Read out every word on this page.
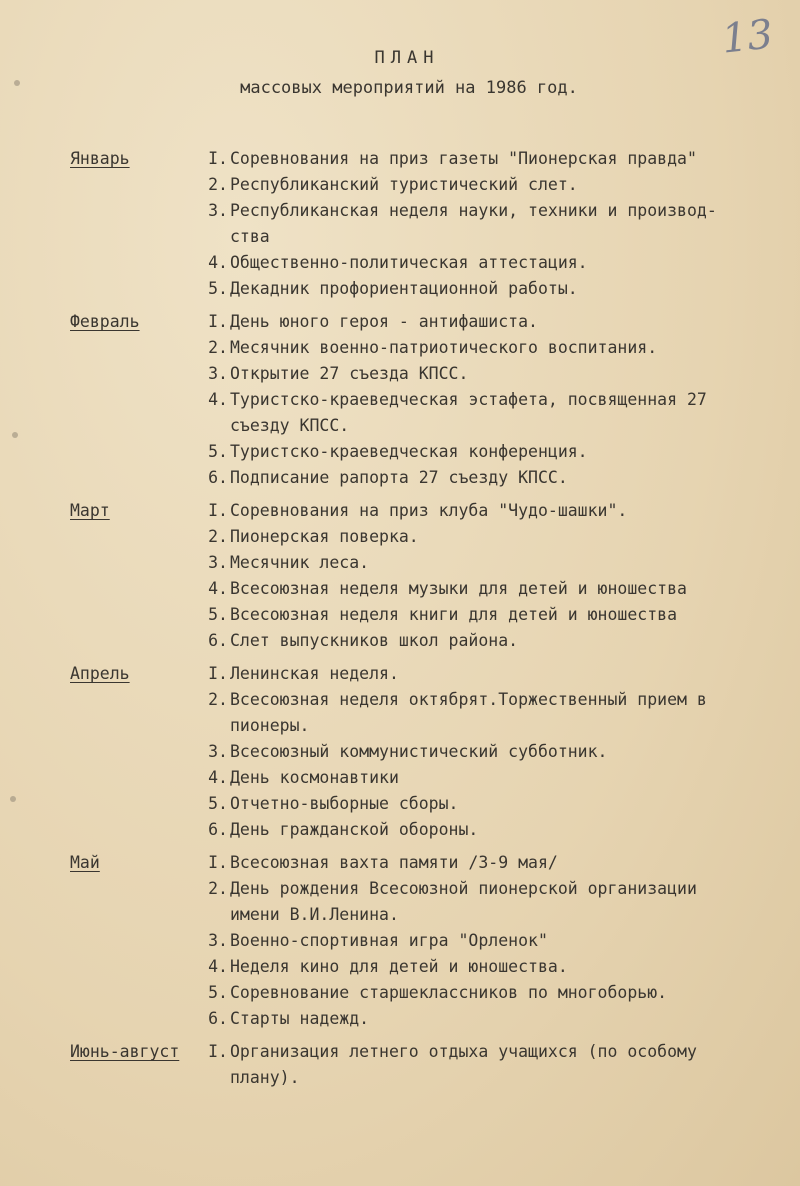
13
ПЛАН
массовых мероприятий на 1986 год.
Январь	I. Соревнования на приз газеты "Пионерская правда"
2. Республиканский туристический слет.
3. Республиканская неделя науки, техники и производ-
ства
4. Общественно-политическая аттестация.
5. Декадник профориентационной работы.
Февраль	I. День юного героя - антифашиста.
2. Месячник военно-патриотического воспитания.
3. Открытие 27 съезда КПСС.
4. Туристско-краеведческая эстафета, посвященная 27
съезду КПСС.
5. Туристско-краеведческая конференция.
6. Подписание рапорта 27 съезду КПСС.
Март	I. Соревнования на приз клуба "Чудо-шашки".
2. Пионерская поверка.
3. Месячник леса.
4. Всесоюзная неделя музыки для детей и юношества
5. Всесоюзная неделя книги для детей и юношества
6. Слет выпускников школ района.
Апрель	I. Ленинская неделя.
2. Всесоюзная неделя октябрят.Торжественный прием в
пионеры.
3. Всесоюзный коммунистический субботник.
4. День космонавтики
5. Отчетно-выборные сборы.
6. День гражданской обороны.
Май	I. Всесоюзная вахта памяти /3-9 мая/
2. День рождения Всесоюзной пионерской организации
имени В.И.Ленина.
3. Военно-спортивная игра "Орленок"
4. Неделя кино для детей и юношества.
5. Соревнование старшеклассников по многоборью.
6. Старты надежд.
Июнь-август	I. Организация летнего отдыха учащихся (по особому
плану).
